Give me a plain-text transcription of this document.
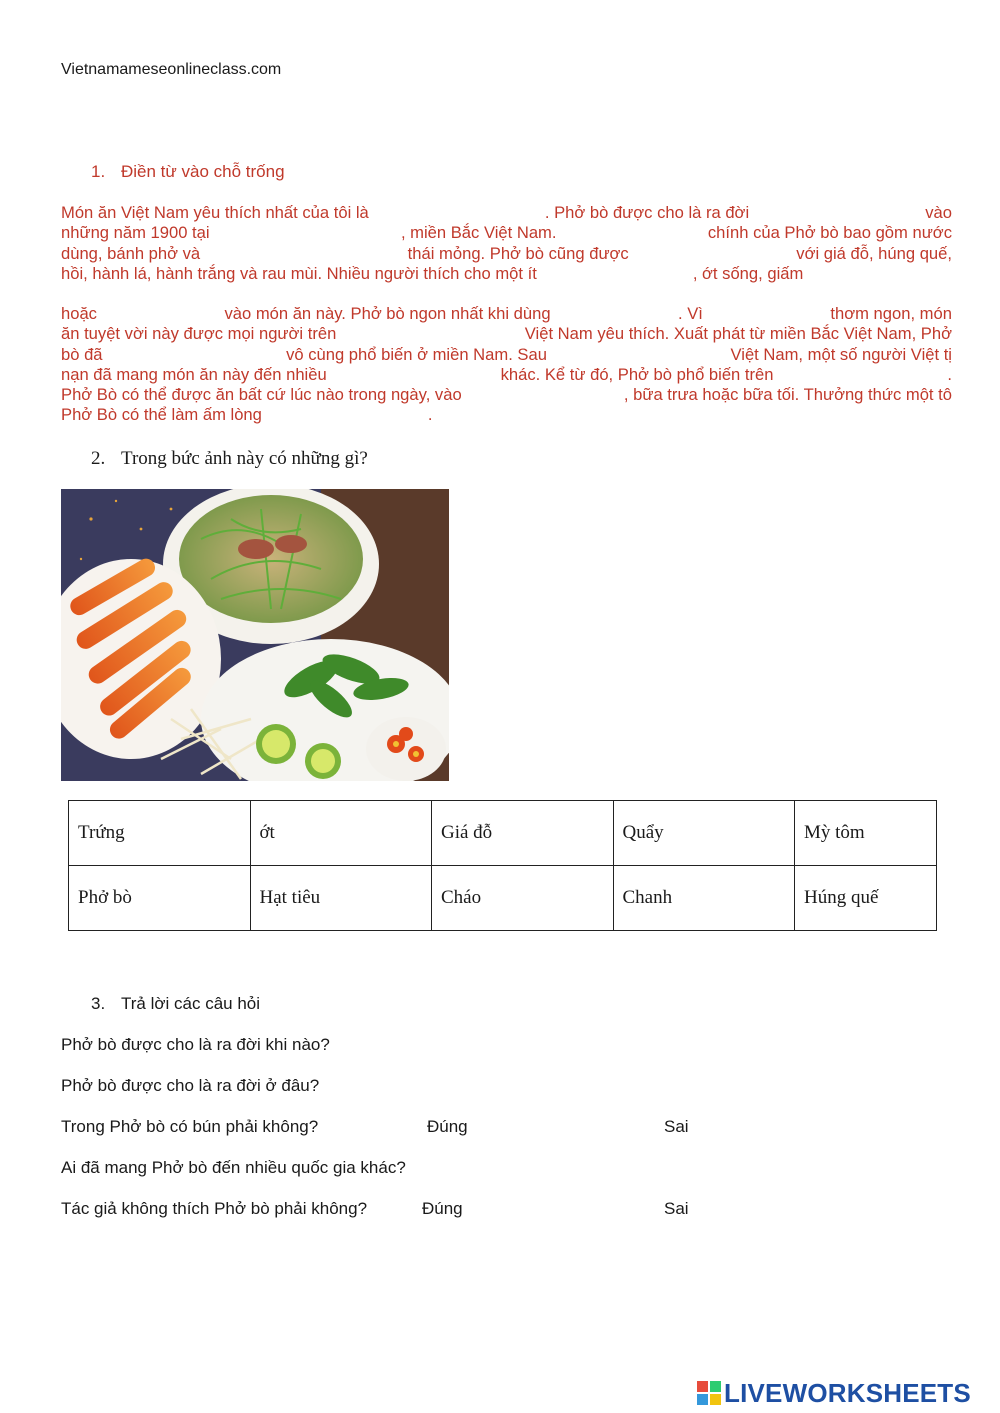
Vietnamameseonlineclass.com
1. Điền từ vào chỗ trống
Món ăn Việt Nam yêu thích nhất của tôi là	. Phở bò được cho là ra đời	vào
những năm 1900 tại	, miền Bắc Việt Nam.	chính của Phở bò bao gồm nước
dùng, bánh phở và	thái mỏng. Phở bò cũng được	với giá đỗ, húng quế,
hồi, hành lá, hành trắng và rau mùi. Nhiều người thích cho một ít	, ớt sống, giấm
hoặc	vào món ăn này. Phở bò ngon nhất khi dùng	. Vì	thơm ngon, món
ăn tuyệt vời này được mọi người trên	Việt Nam yêu thích. Xuất phát từ miền Bắc Việt Nam, Phở
bò đã	vô cùng phổ biến ở miền Nam. Sau	Việt Nam, một số người Việt tị
nạn đã mang món ăn này đến nhiều	khác. Kể từ đó, Phở bò phổ biến trên	.
Phở Bò có thể được ăn bất cứ lúc nào trong ngày, vào	, bữa trưa hoặc bữa tối. Thưởng thức một tô
Phở Bò có thể làm ấm lòng	.
2. Trong bức ảnh này có những gì?
Trứng	ớt	Giá đỗ	Quẩy	Mỳ tôm
Phở bò	Hạt tiêu	Cháo	Chanh	Húng quế
3. Trả lời các câu hỏi
Phở bò được cho là ra đời khi nào?
Phở bò được cho là ra đời ở đâu?
Trong Phở bò có bún phải không?	Đúng	Sai
Ai đã mang Phở bò đến nhiều quốc gia khác?
Tác giả không thích Phở bò phải không?	Đúng	Sai
LIVEWORKSHEETS
